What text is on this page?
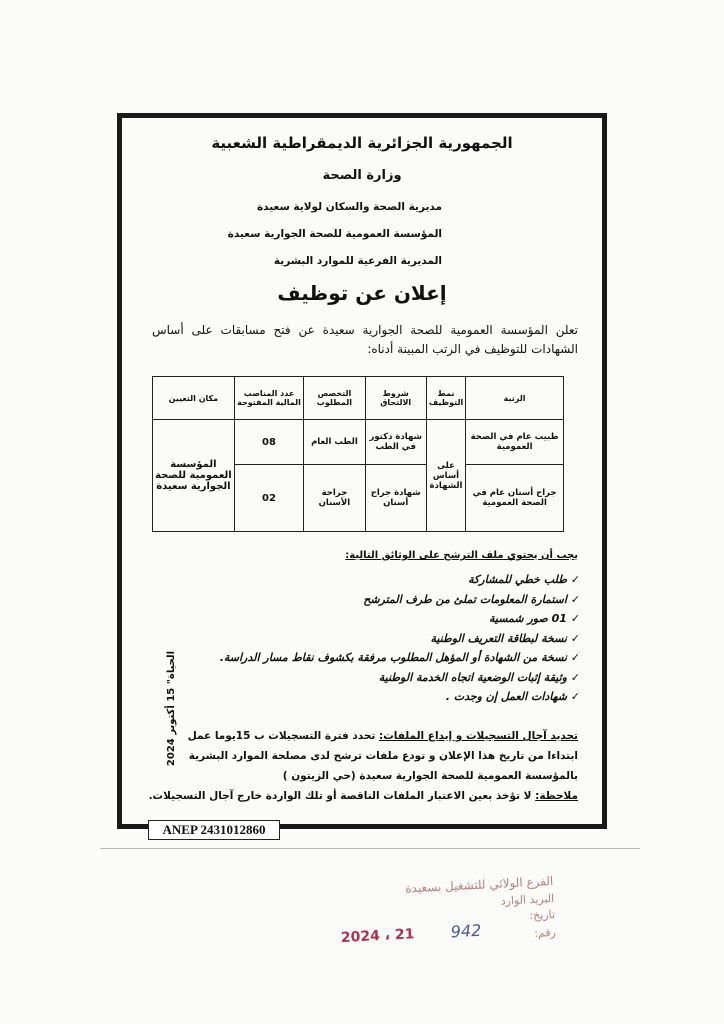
الجمهورية الجزائرية الديمقراطية الشعبية
وزارة الصحة
مديرية الصحة والسكان لولاية سعيدة
المؤسسة العمومية للصحة الجوارية سعيدة
المديرية الفرعية للموارد البشرية
إعلان عن توظيف
تعلن المؤسسة العمومية للصحة الجوارية سعيدة عن فتح مسابقات على أساس الشهادات للتوظيف في الرتب المبينة أدناه:
الرتبة	نمط التوظيف	شروط الالتحاق	التخصص المطلوب	عدد المناصب المالية المفتوحة	مكان التعيين
طبيب عام في الصحة العمومية	على أساس الشهادة	شهادة دكتور في الطب	الطب العام	08	المؤسسة العمومية للصحة الجوارية سعيدة
جراح أسنان عام في الصحة العمومية		شهادة جراح أسنان	جراحة الأسنان	02	
يجب أن يحتوي ملف الترشح على الوثائق التالية:
✓ طلب خطي للمشاركة
✓ استمارة المعلومات تملئ من طرف المترشح
✓ 01 صور شمسية
✓ نسخة لبطاقة التعريف الوطنية
✓ نسخة من الشهادة أو المؤهل المطلوب مرفقة بكشوف نقاط مسار الدراسة.
✓ وثيقة إثبات الوضعية اتجاه الخدمة الوطنية
✓ شهادات العمل إن وجدت .
تحديد آجال التسجيلات و إيداع الملفات: تحدد فترة التسجيلات ب 15يوما عمل ابتداءا من تاريخ هذا الإعلان و تودع ملفات ترشح لدى مصلحة الموارد البشرية بالمؤسسة العمومية للصحة الجوارية سعيدة (حي الزيتون )
ملاحظة: لا تؤخذ بعين الاعتبار الملفات الناقصة أو تلك الواردة خارج آجال التسجيلات.
الحياة" 15 أكتوبر 2024
ANEP 2431012860
الفرع الولائي للتشغيل بسعيدة
البريد الوارد
تاريخ:
رقم:
2024 ، 21 942
